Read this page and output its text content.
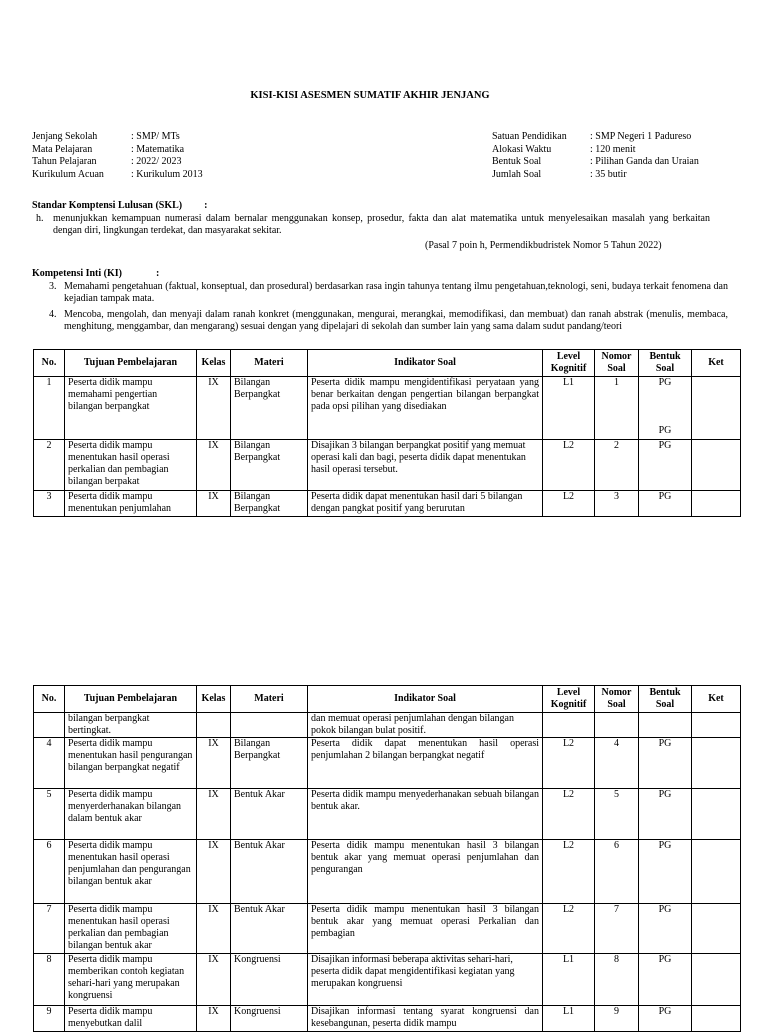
KISI-KISI ASESMEN SUMATIF AKHIR JENJANG
Jenjang Sekolah	: SMP/ MTs
Mata Pelajaran	: Matematika
Tahun Pelajaran	: 2022/ 2023
Kurikulum Acuan	: Kurikulum 2013
Satuan Pendidikan	: SMP Negeri 1 Padureso
Alokasi Waktu	: 120 menit
Bentuk Soal	: Pilihan Ganda dan Uraian
Jumlah Soal	: 35 butir
Standar Komptensi Lulusan (SKL) :
h. menunjukkan kemampuan numerasi dalam bernalar menggunakan konsep, prosedur, fakta dan alat matematika untuk menyelesaikan masalah yang berkaitan dengan diri, lingkungan terdekat, dan masyarakat sekitar.
(Pasal 7 poin h, Permendikbudristek Nomor 5 Tahun 2022)
Kompetensi Inti (KI)	:
3. Memahami pengetahuan (faktual, konseptual, dan prosedural) berdasarkan rasa ingin tahunya tentang ilmu pengetahuan,teknologi, seni, budaya terkait fenomena dan kejadian tampak mata.
4. Mencoba, mengolah, dan menyaji dalam ranah konkret (menggunakan, mengurai, merangkai, memodifikasi, dan membuat) dan ranah abstrak (menulis, membaca, menghitung, menggambar, dan mengarang) sesuai dengan yang dipelajari di sekolah dan sumber lain yang sama dalam sudut pandang/teori
No.	Tujuan Pembelajaran	Kelas	Materi	Indikator Soal	Level Kognitif	Nomor Soal	Bentuk Soal	Ket
1	Peserta didik mampu memahami pengertian bilangan berpangkat	IX	Bilangan Berpangkat	Peserta didik mampu mengidentifikasi peryataan yang benar berkaitan dengan pengertian bilangan berpangkat pada opsi pilihan yang disediakan	L1	1	PG
PG	

2	Peserta didik mampu menentukan hasil operasi perkalian dan pembagian bilangan berpakat	IX	Bilangan Berpangkat	Disajikan 3 bilangan berpangkat positif yang memuat operasi kali dan bagi, peserta didik dapat menentukan hasil operasi tersebut.	L2	2	PG	
3	Peserta didik mampu menentukan penjumlahan	IX	Bilangan Berpangkat	Peserta didik dapat menentukan hasil dari 5 bilangan dengan pangkat positif yang berurutan	L2	3	PG	
No.	Tujuan Pembelajaran	Kelas	Materi	Indikator Soal	Level Kognitif	Nomor Soal	Bentuk Soal	Ket
	bilangan berpangkat bertingkat.			dan memuat operasi penjumlahan dengan bilangan pokok bilangan bulat positif.				
4	Peserta didik mampu menentukan hasil pengurangan bilangan berpangkat negatif	IX	Bilangan Berpangkat	Peserta didik dapat menentukan hasil operasi penjumlahan 2 bilangan berpangkat negatif	L2	4	PG	
5	Peserta didik mampu menyerderhanakan bilangan dalam bentuk akar	IX	Bentuk Akar	Peserta didik mampu menyederhanakan sebuah bilangan bentuk akar.	L2	5	PG	
6	Peserta didik mampu menentukan hasil operasi penjumlahan dan pengurangan bilangan bentuk akar	IX	Bentuk Akar	Peserta didik mampu menentukan hasil 3 bilangan bentuk akar yang memuat operasi penjumlahan dan pengurangan	L2	6	PG	
7	Peserta didik mampu menentukan hasil operasi perkalian dan pembagian bilangan bentuk akar	IX	Bentuk Akar	Peserta didik mampu menentukan hasil 3 bilangan bentuk akar yang memuat operasi Perkalian dan pembagian	L2	7	PG	
8	Peserta didik mampu memberikan contoh kegiatan sehari-hari yang merupakan kongruensi	IX	Kongruensi	Disajikan informasi beberapa aktivitas sehari-hari, peserta didik dapat mengidentifikasi kegiatan yang merupakan kongruensi	L1	8	PG	
9	Peserta didik mampu menyebutkan dalil	IX	Kongruensi	Disajikan informasi tentang syarat kongruensi dan kesebangunan, peserta didik mampu	L1	9	PG	
